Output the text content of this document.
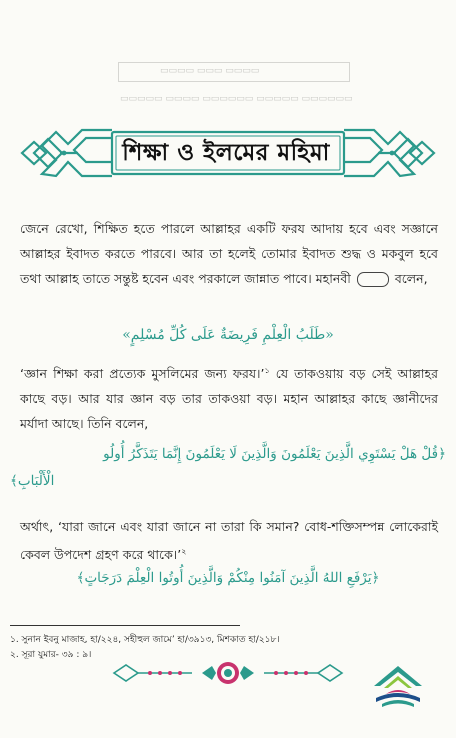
▭▭▭▭ ▭▭▭ ▭▭▭▭
▭▭▭▭▭ ▭▭▭▭ ▭▭▭▭▭▭ ▭▭▭▭▭ ▭▭▭▭▭▭
শিক্ষা ও ইলমের মহিমা
জেনে রেখো, শিক্ষিত হতে পারলে আল্লাহর একটি ফরয আদায় হবে এবং সজ্ঞানে আল্লাহর ইবাদত করতে পারবে। আর তা হলেই তোমার ইবাদত শুদ্ধ ও মকবুল হবে তথা আল্লাহ তাতে সন্তুষ্ট হবেন এবং পরকালে জান্নাত পাবে। মহানবী	বলেন,
«طَلَبُ الْعِلْمِ فَرِيضَةٌ عَلَى كُلِّ مُسْلِمٍ»
‘জ্ঞান শিক্ষা করা প্রত্যেক মুসলিমের জন্য ফরয।’$^১$ যে তাকওয়ায় বড় সেই আল্লাহর কাছে বড়। আর যার জ্ঞান বড় তার তাকওয়া বড়। মহান আল্লাহর কাছে জ্ঞানীদের মর্যাদা আছে। তিনি বলেন,
﴿قُلْ هَلْ يَسْتَوِي الَّذِينَ يَعْلَمُونَ وَالَّذِينَ لَا يَعْلَمُونَ إِنَّمَا يَتَذَكَّرُ أُولُو
الْأَلْبَابِ﴾
অর্থাৎ, ‘যারা জানে এবং যারা জানে না তারা কি সমান? বোধ-শক্তিসম্পন্ন লোকেরাই কেবল উপদেশ গ্রহণ করে থাকে।’$^২$
﴿يَرْفَعِ اللهُ الَّذِينَ آمَنُوا مِنْكُمْ وَالَّذِينَ أُوتُوا الْعِلْمَ دَرَجَاتٍ﴾
১. সুনান ইবনু মাজাহ, হা/২২৪, সহীহুল জামে’ হা/৩৯১৩, মিশকাত হা/২১৮।
২. সূরা যুমার- ৩৯ : ৯।
